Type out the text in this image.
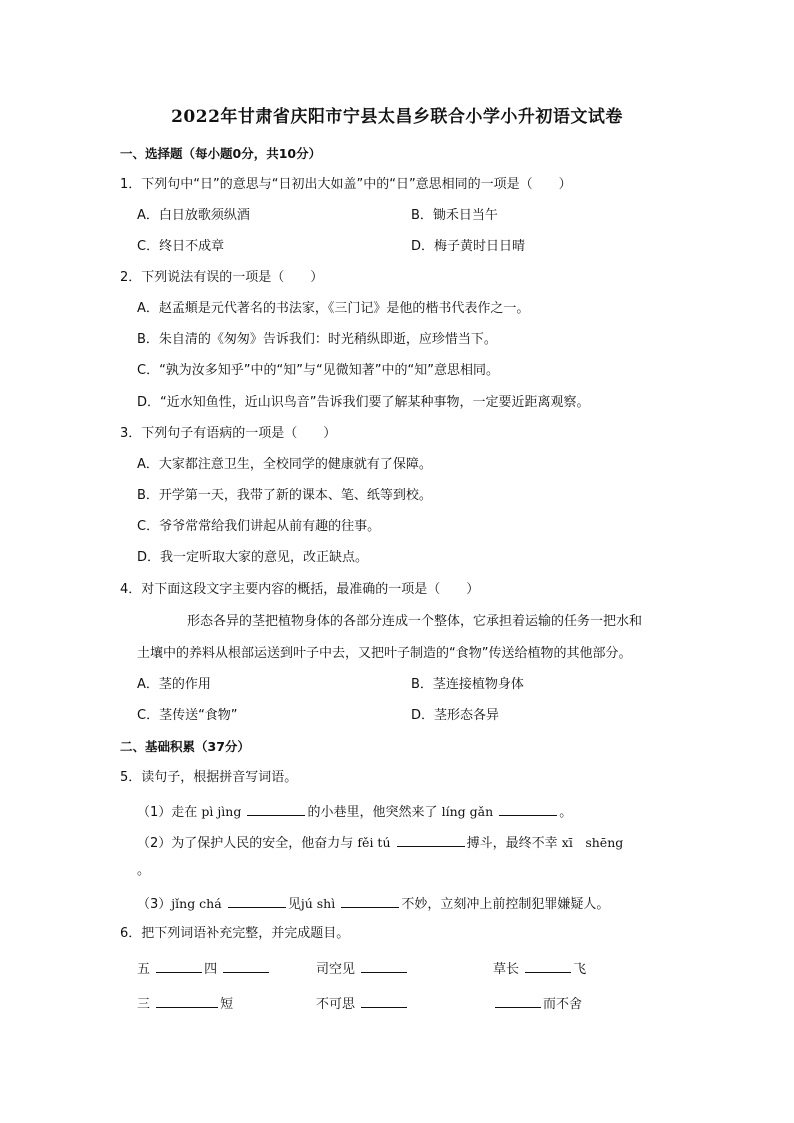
2022年甘肃省庆阳市宁县太昌乡联合小学小升初语文试卷
一、选择题（每小题0分，共10分）
1．下列句中“日”的意思与“日初出大如盖”中的“日”意思相同的一项是（　　）
A．白日放歌须纵酒	B．锄禾日当午
C．终日不成章	D．梅子黄时日日晴
2．下列说法有误的一项是（　　）
A．赵孟頫是元代著名的书法家，《三门记》是他的楷书代表作之一。
B．朱自清的《匆匆》告诉我们：时光稍纵即逝，应珍惜当下。
C．“孰为汝多知乎”中的“知”与“见微知著”中的“知”意思相同。
D．“近水知鱼性，近山识鸟音”告诉我们要了解某种事物，一定要近距离观察。
3．下列句子有语病的一项是（　　）
A．大家都注意卫生，全校同学的健康就有了保障。
B．开学第一天，我带了新的课本、笔、纸等到校。
C．爷爷常常给我们讲起从前有趣的往事。
D．我一定听取大家的意见，改正缺点。
4．对下面这段文字主要内容的概括，最准确的一项是（　　）
形态各异的茎把植物身体的各部分连成一个整体，它承担着运输的任务一把水和
土壤中的养料从根部运送到叶子中去，又把叶子制造的“食物”传送给植物的其他部分。
A．茎的作用	B．茎连接植物身体
C．茎传送“食物”	D．茎形态各异
二、基础积累（37分）
5．读句子，根据拼音写词语。
（1）走在 pì jìng	的小巷里，他突然来了 líng gǎn	。
（2）为了保护人民的安全，他奋力与 fěi tú	搏斗，最终不幸 xī　shēng
。
（3）jǐng chá	见jú shì	不妙，立刻冲上前控制犯罪嫌疑人。
6．把下列词语补充完整，并完成题目。
五	四	司空见	草长	飞
三	短	不可思	而不舍
